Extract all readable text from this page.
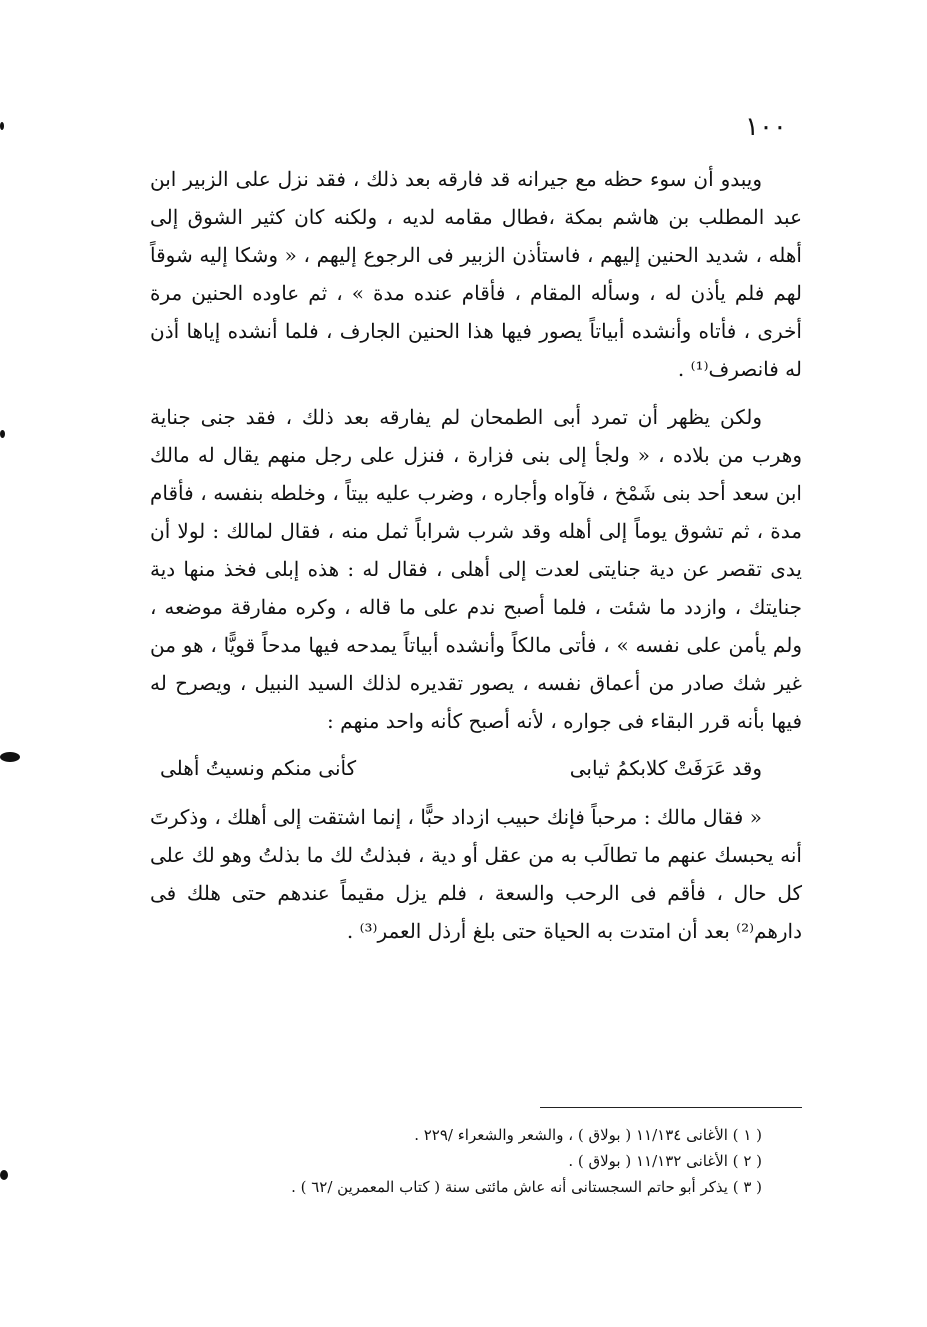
١٠٠

ويبدو أن سوء حظه مع جيرانه قد فارقه بعد ذلك ، فقد نزل على الزبير ابن عبد المطلب بن هاشم بمكة ،فطال مقامه لديه ، ولكنه كان كثير الشوق إلى أهله ، شديد الحنين إليهم ، فاستأذن الزبير فى الرجوع إليهم ، « وشكا إليه شوقاً لهم فلم يأذن له ، وسأله المقام ، فأقام عنده مدة » ، ثم عاوده الحنين مرة أخرى ، فأتاه وأنشده أبياتاً يصور فيها هذا الحنين الجارف ، فلما أنشده إياها أذن له فانصرف⁽¹⁾ .

ولكن يظهر أن تمرد أبى الطمحان لم يفارقه بعد ذلك ، فقد جنى جناية وهرب من بلاده ، « ولجأ إلى بنى فزارة ، فنزل على رجل منهم يقال له مالك ابن سعد أحد بنى شَمْخ ، فآواه وأجاره ، وضرب عليه بيتاً ، وخلطه بنفسه ، فأقام مدة ، ثم تشوق يوماً إلى أهله وقد شرب شراباً ثمل منه ، فقال لمالك : لولا أن يدى تقصر عن دية جنايتى لعدت إلى أهلى ، فقال له : هذه إبلى فخذ منها دية جنايتك ، وازدد ما شئت ، فلما أصبح ندم على ما قاله ، وكره مفارقة موضعه ، ولم يأمن على نفسه » ، فأتى مالكاً وأنشده أبياتاً يمدحه فيها مدحاً قويًّا ، هو من غير شك صادر من أعماق نفسه ، يصور تقديره لذلك السيد النبيل ، ويصرح له فيها بأنه قرر البقاء فى جواره ، لأنه أصبح كأنه واحد منهم :

وقد عَرَفَتْ كلابكمُ ثيابى
كأنى منكم ونسيتُ أهلى

« فقال مالك : مرحباً فإنك حبيب ازداد حبًّا ، إنما اشتقت إلى أهلك ، وذكرتَ أنه يحبسك عنهم ما تطالَب به من عقل أو دية ، فبذلتُ لك ما بذلتُ وهو لك على كل حال ، فأقم فى الرحب والسعة ، فلم يزل مقيماً عندهم حتى هلك فى دارهم⁽²⁾ بعد أن امتدت به الحياة حتى بلغ أرذل العمر⁽³⁾ .

( ١ ) الأغانى ١١/١٣٤ ( بولاق ) ، والشعر والشعراء /٢٢٩ .
( ٢ ) الأغانى ١١/١٣٢ ( بولاق ) .
( ٣ ) يذكر أبو حاتم السجستانى أنه عاش مائتى سنة ( كتاب المعمرين /٦٢ ) .
